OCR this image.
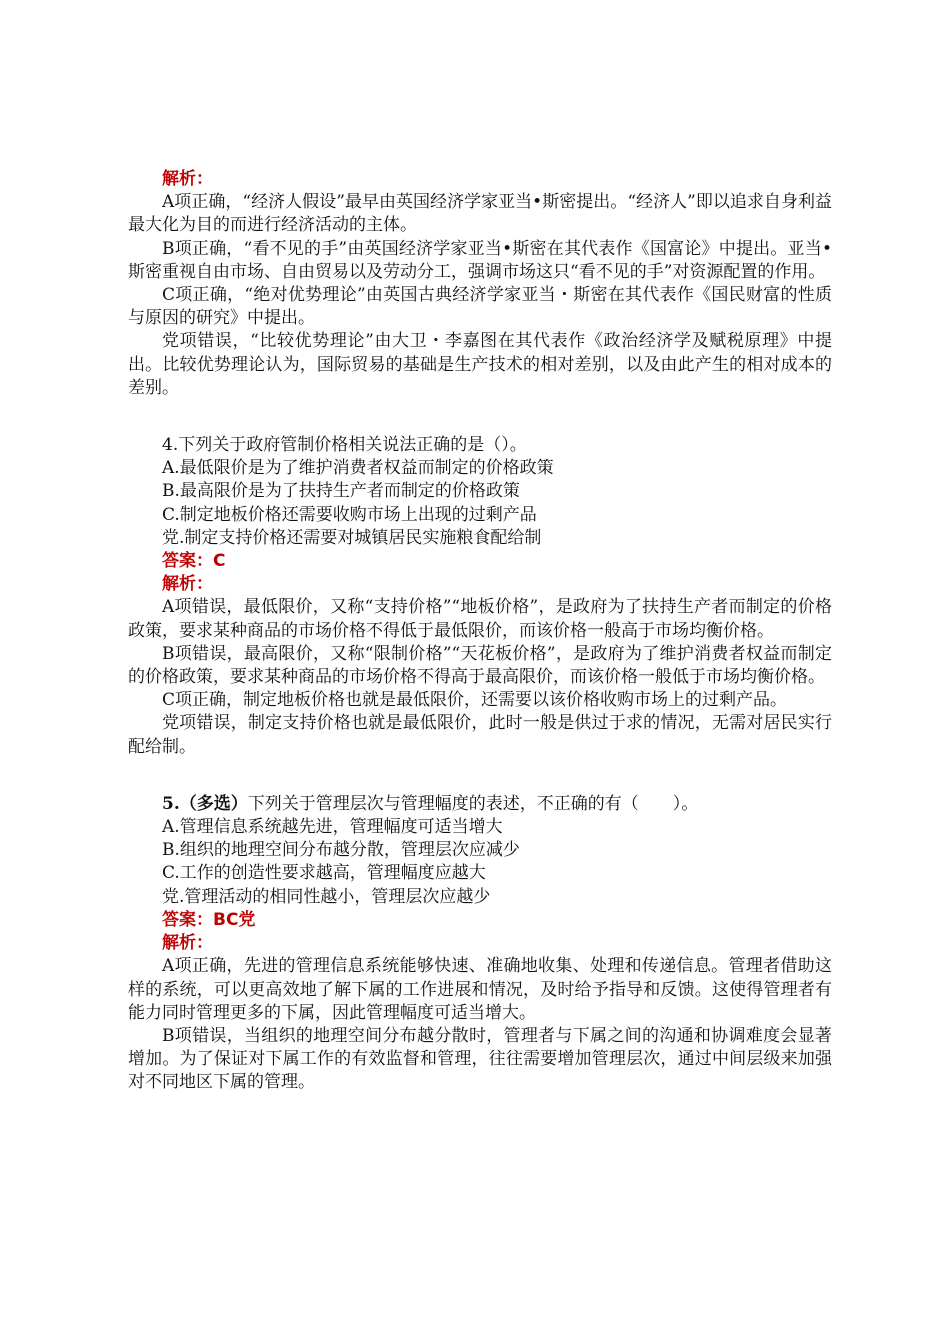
解析：

A项正确，“经济人假设”最早由英国经济学家亚当•斯密提出。“经济人”即以追求自身利益最大化为目的而进行经济活动的主体。

B项正确，“看不见的手”由英国经济学家亚当•斯密在其代表作《国富论》中提出。亚当•斯密重视自由市场、自由贸易以及劳动分工，强调市场这只“看不见的手”对资源配置的作用。

C项正确，“绝对优势理论”由英国古典经济学家亚当・斯密在其代表作《国民财富的性质与原因的研究》中提出。

党项错误，“比较优势理论”由大卫・李嘉图在其代表作《政治经济学及赋税原理》中提出。比较优势理论认为，国际贸易的基础是生产技术的相对差别，以及由此产生的相对成本的差别。

4.下列关于政府管制价格相关说法正确的是（）。

A.最低限价是为了维护消费者权益而制定的价格政策

B.最高限价是为了扶持生产者而制定的价格政策

C.制定地板价格还需要收购市场上出现的过剩产品

党.制定支持价格还需要对城镇居民实施粮食配给制

答案：C

解析：

A项错误，最低限价，又称“支持价格”“地板价格”，是政府为了扶持生产者而制定的价格政策，要求某种商品的市场价格不得低于最低限价，而该价格一般高于市场均衡价格。

B项错误，最高限价，又称“限制价格”“天花板价格”，是政府为了维护消费者权益而制定的价格政策，要求某种商品的市场价格不得高于最高限价，而该价格一般低于市场均衡价格。

C项正确，制定地板价格也就是最低限价，还需要以该价格收购市场上的过剩产品。

党项错误，制定支持价格也就是最低限价，此时一般是供过于求的情况，无需对居民实行配给制。

5.（多选）下列关于管理层次与管理幅度的表述，不正确的有（　　）。

A.管理信息系统越先进，管理幅度可适当增大

B.组织的地理空间分布越分散，管理层次应减少

C.工作的创造性要求越高，管理幅度应越大

党.管理活动的相同性越小，管理层次应越少

答案：BC党

解析：

A项正确，先进的管理信息系统能够快速、准确地收集、处理和传递信息。管理者借助这样的系统，可以更高效地了解下属的工作进展和情况，及时给予指导和反馈。这使得管理者有能力同时管理更多的下属，因此管理幅度可适当增大。

B项错误，当组织的地理空间分布越分散时，管理者与下属之间的沟通和协调难度会显著增加。为了保证对下属工作的有效监督和管理，往往需要增加管理层次，通过中间层级来加强对不同地区下属的管理。
